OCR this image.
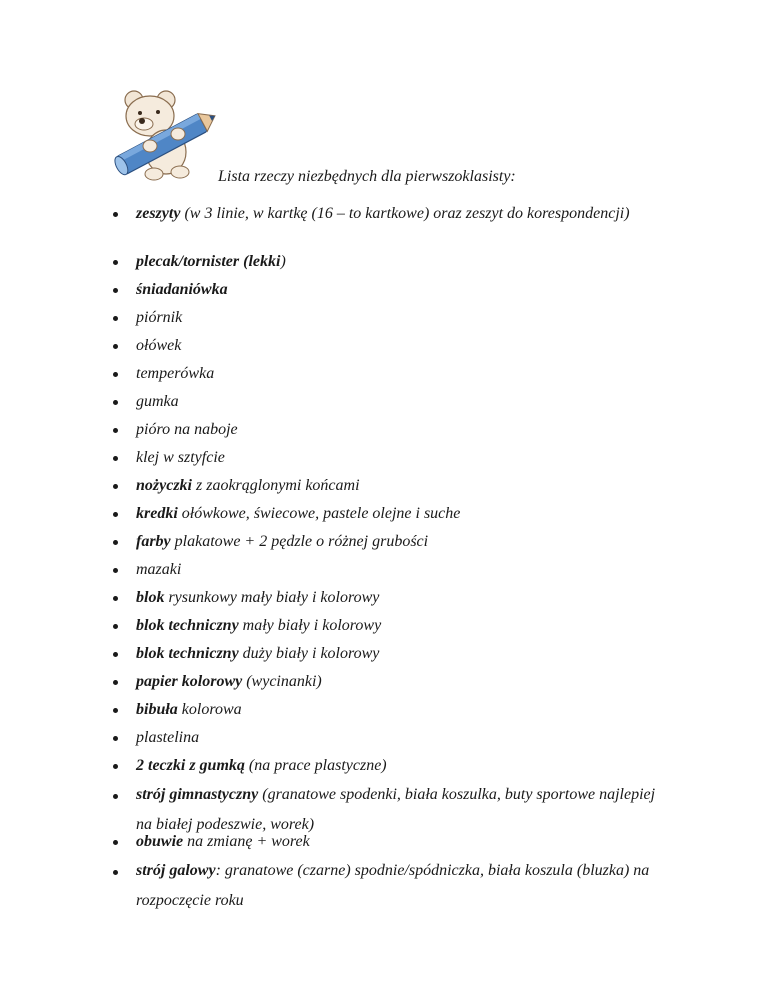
Lista rzeczy niezbędnych dla pierwszoklasisty:
zeszyty (w 3 linie, w kartkę (16 – to kartkowe) oraz zeszyt do korespondencji)
plecak/tornister (lekki)
śniadaniówka
piórnik
ołówek
temperówka
gumka
pióro na naboje
klej w sztyfcie
nożyczki z zaokrąglonymi końcami
kredki ołówkowe, świecowe, pastele olejne i suche
farby plakatowe + 2 pędzle o różnej grubości
mazaki
blok rysunkowy mały biały i kolorowy
blok techniczny mały biały i kolorowy
blok techniczny duży biały i kolorowy
papier kolorowy (wycinanki)
bibuła kolorowa
plastelina
2 teczki z gumką (na prace plastyczne)
strój gimnastyczny (granatowe spodenki, biała koszulka, buty sportowe najlepiej na białej podeszwie, worek)
obuwie na zmianę + worek
strój galowy: granatowe (czarne) spodnie/spódniczka, biała koszula (bluzka) na rozpoczęcie roku
